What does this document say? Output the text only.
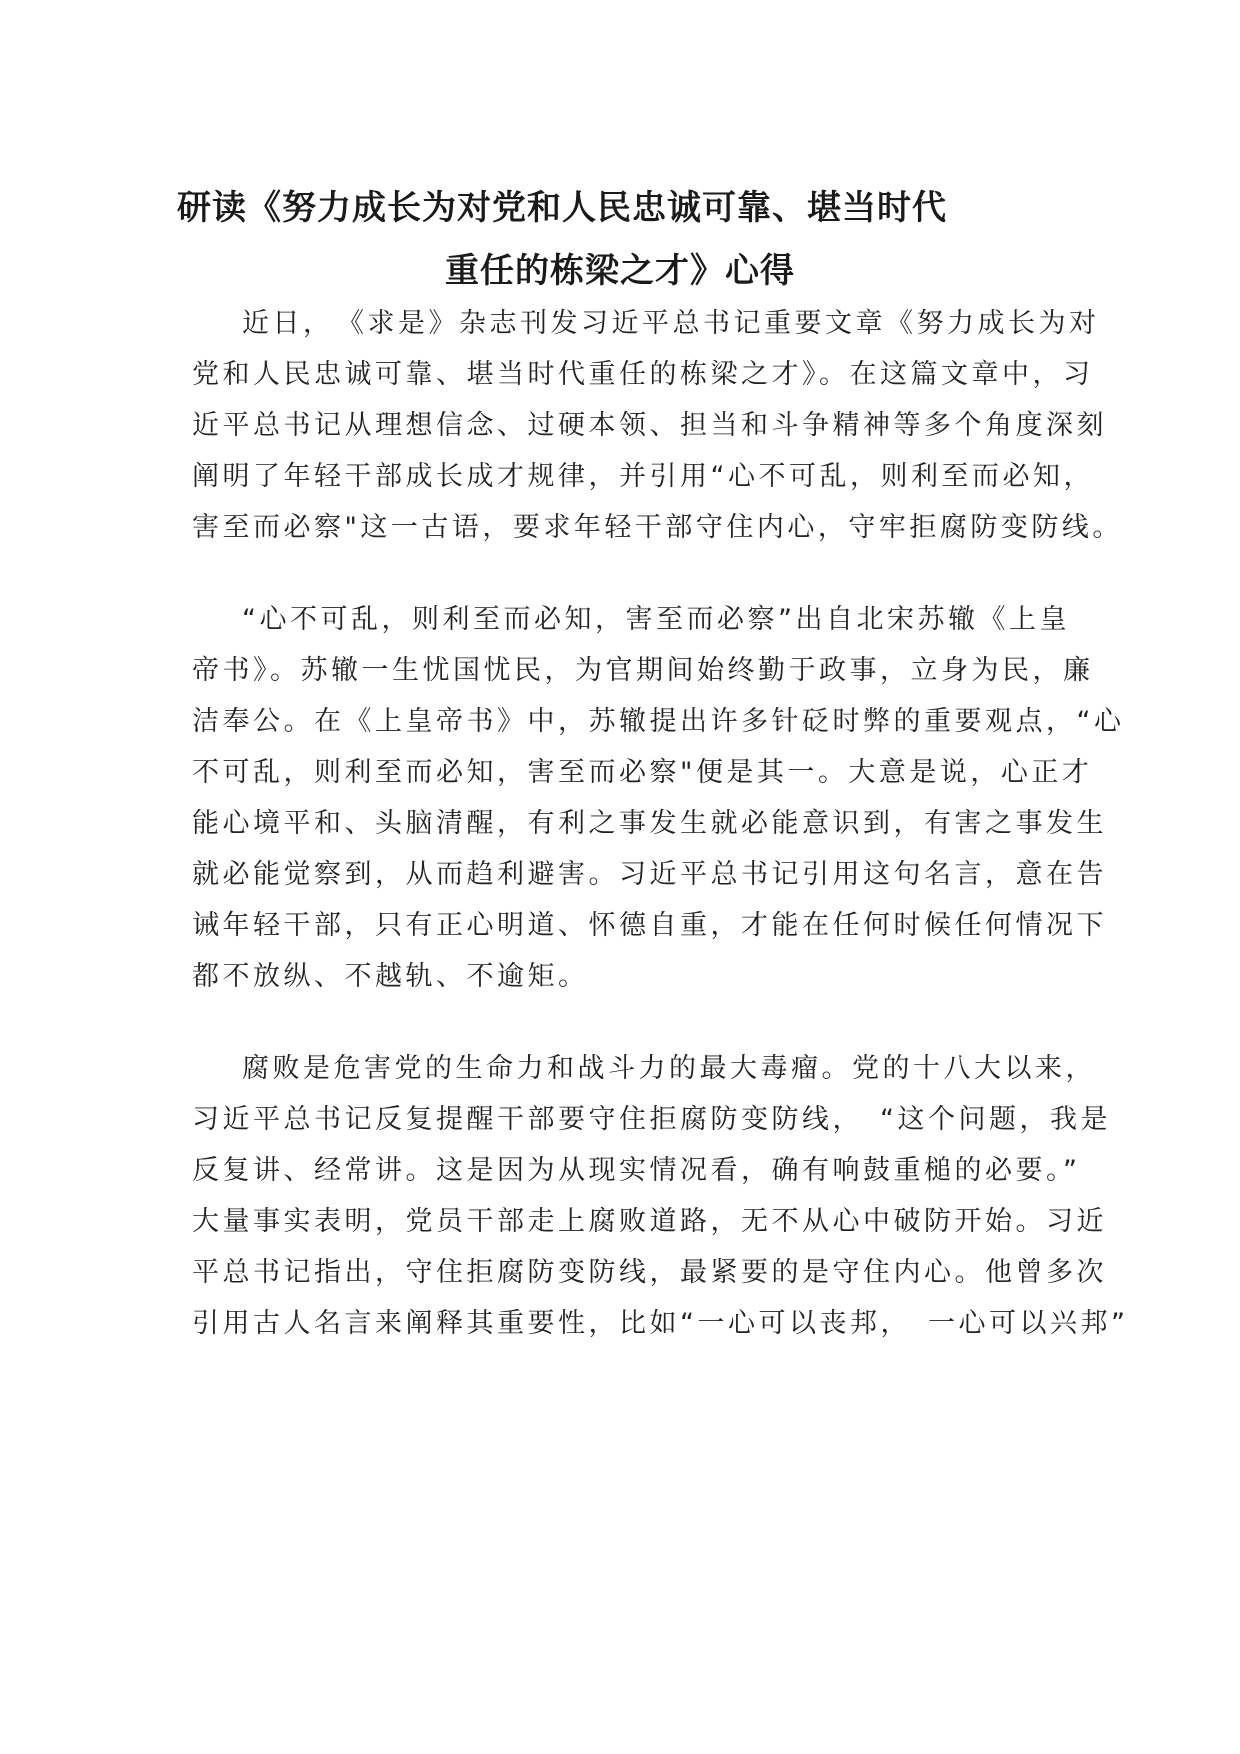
研读《努力成长为对党和人民忠诚可靠、堪当时代
重任的栋梁之才》心得
近日，　《求是》杂志刊发习近平总书记重要文章《努力成长为对
党和人民忠诚可靠、堪当时代重任的栋梁之才》。在这篇文章中，习
近平总书记从理想信念、过硬本领、担当和斗争精神等多个角度深刻
阐明了年轻干部成长成才规律，并引用“心不可乱，则利至而必知，
害至而必察"这一古语，要求年轻干部守住内心，守牢拒腐防变防线。
“心不可乱，则利至而必知，害至而必察”出自北宋苏辙《上皇
帝书》。苏辙一生忧国忧民，为官期间始终勤于政事，立身为民，廉
洁奉公。在《上皇帝书》中，苏辙提出许多针砭时弊的重要观点，“心
不可乱，则利至而必知，害至而必察"便是其一。大意是说，心正才
能心境平和、头脑清醒，有利之事发生就必能意识到，有害之事发生
就必能觉察到，从而趋利避害。习近平总书记引用这句名言，意在告
诫年轻干部，只有正心明道、怀德自重，才能在任何时候任何情况下
都不放纵、不越轨、不逾矩。
腐败是危害党的生命力和战斗力的最大毒瘤。党的十八大以来，
习近平总书记反复提醒干部要守住拒腐防变防线，　“这个问题，我是
反复讲、经常讲。这是因为从现实情况看，确有响鼓重槌的必要。”
大量事实表明，党员干部走上腐败道路，无不从心中破防开始。习近
平总书记指出，守住拒腐防变防线，最紧要的是守住内心。他曾多次
引用古人名言来阐释其重要性，比如“一心可以丧邦，　一心可以兴邦”
